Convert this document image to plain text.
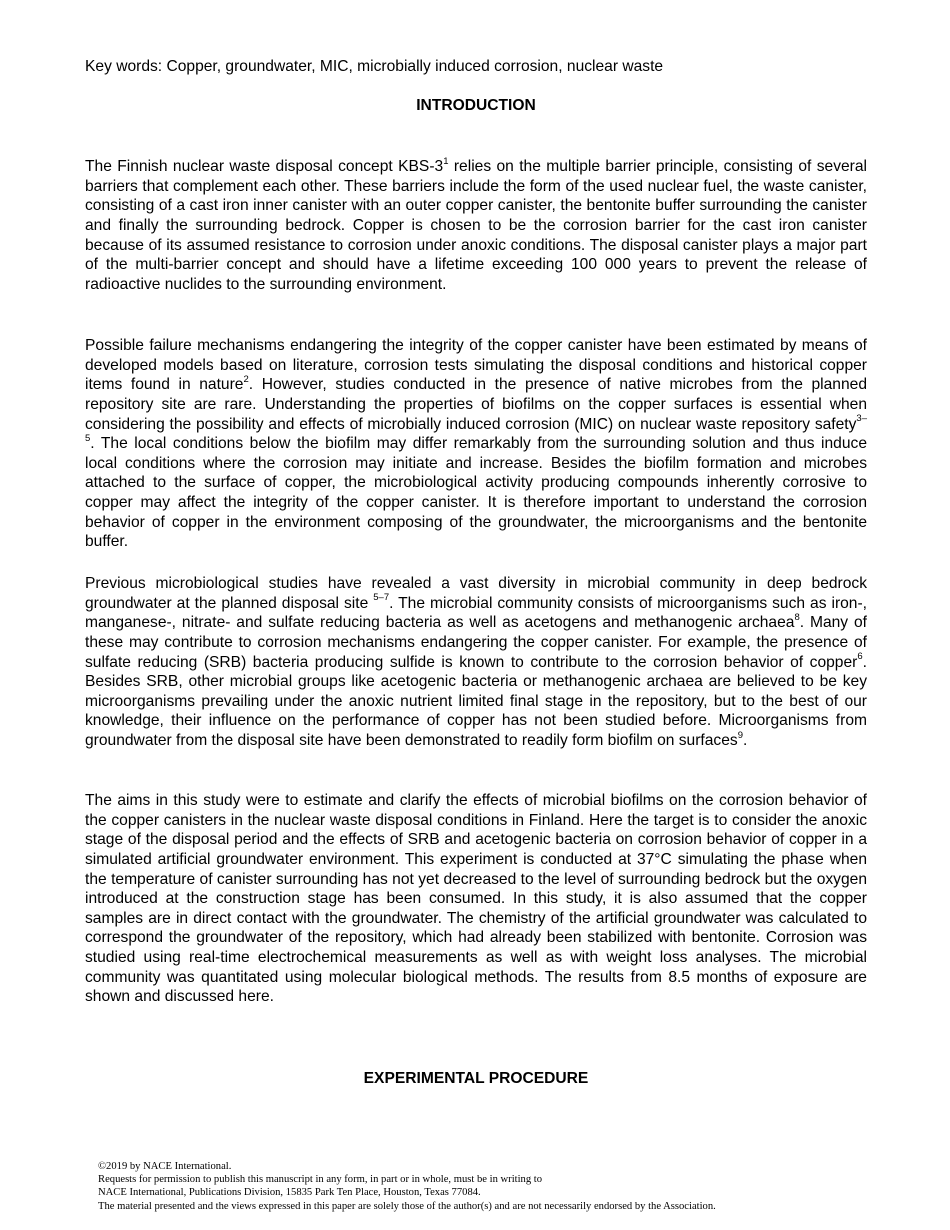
Key words: Copper, groundwater, MIC, microbially induced corrosion, nuclear waste
INTRODUCTION

The Finnish nuclear waste disposal concept KBS-$3^1$ relies on the multiple barrier principle, consisting of several barriers that complement each other. These barriers include the form of the used nuclear fuel, the waste canister, consisting of a cast iron inner canister with an outer copper canister, the bentonite buffer surrounding the canister and finally the surrounding bedrock. Copper is chosen to be the corrosion barrier for the cast iron canister because of its assumed resistance to corrosion under anoxic conditions. The disposal canister plays a major part of the multi-barrier concept and should have a lifetime exceeding 100 000 years to prevent the release of radioactive nuclides to the surrounding environment.

Possible failure mechanisms endangering the integrity of the copper canister have been estimated by means of developed models based on literature, corrosion tests simulating the disposal conditions and historical copper items found in nature$^2$. However, studies conducted in the presence of native microbes from the planned repository site are rare. Understanding the properties of biofilms on the copper surfaces is essential when considering the possibility and effects of microbially induced corrosion (MIC) on nuclear waste repository safety$^{3-5}$. The local conditions below the biofilm may differ remarkably from the surrounding solution and thus induce local conditions where the corrosion may initiate and increase. Besides the biofilm formation and microbes attached to the surface of copper, the microbiological activity producing compounds inherently corrosive to copper may affect the integrity of the copper canister. It is therefore important to understand the corrosion behavior of copper in the environment composing of the groundwater, the microorganisms and the bentonite buffer.

Previous microbiological studies have revealed a vast diversity in microbial community in deep bedrock groundwater at the planned disposal site $^{5-7}$. The microbial community consists of microorganisms such as iron-, manganese-, nitrate- and sulfate reducing bacteria as well as acetogens and methanogenic archaea$^8$. Many of these may contribute to corrosion mechanisms endangering the copper canister. For example, the presence of sulfate reducing (SRB) bacteria producing sulfide is known to contribute to the corrosion behavior of copper$^6$. Besides SRB, other microbial groups like acetogenic bacteria or methanogenic archaea are believed to be key microorganisms prevailing under the anoxic nutrient limited final stage in the repository, but to the best of our knowledge, their influence on the performance of copper has not been studied before. Microorganisms from groundwater from the disposal site have been demonstrated to readily form biofilm on surfaces$^9$.

The aims in this study were to estimate and clarify the effects of microbial biofilms on the corrosion behavior of the copper canisters in the nuclear waste disposal conditions in Finland. Here the target is to consider the anoxic stage of the disposal period and the effects of SRB and acetogenic bacteria on corrosion behavior of copper in a simulated artificial groundwater environment. This experiment is conducted at 37°C simulating the phase when the temperature of canister surrounding has not yet decreased to the level of surrounding bedrock but the oxygen introduced at the construction stage has been consumed. In this study, it is also assumed that the copper samples are in direct contact with the groundwater. The chemistry of the artificial groundwater was calculated to correspond the groundwater of the repository, which had already been stabilized with bentonite. Corrosion was studied using real-time electrochemical measurements as well as with weight loss analyses. The microbial community was quantitated using molecular biological methods. The results from 8.5 months of exposure are shown and discussed here.

EXPERIMENTAL PROCEDURE
©2019 by NACE International.
Requests for permission to publish this manuscript in any form, in part or in whole, must be in writing to
NACE International, Publications Division, 15835 Park Ten Place, Houston, Texas 77084.
The material presented and the views expressed in this paper are solely those of the author(s) and are not necessarily endorsed by the Association.
